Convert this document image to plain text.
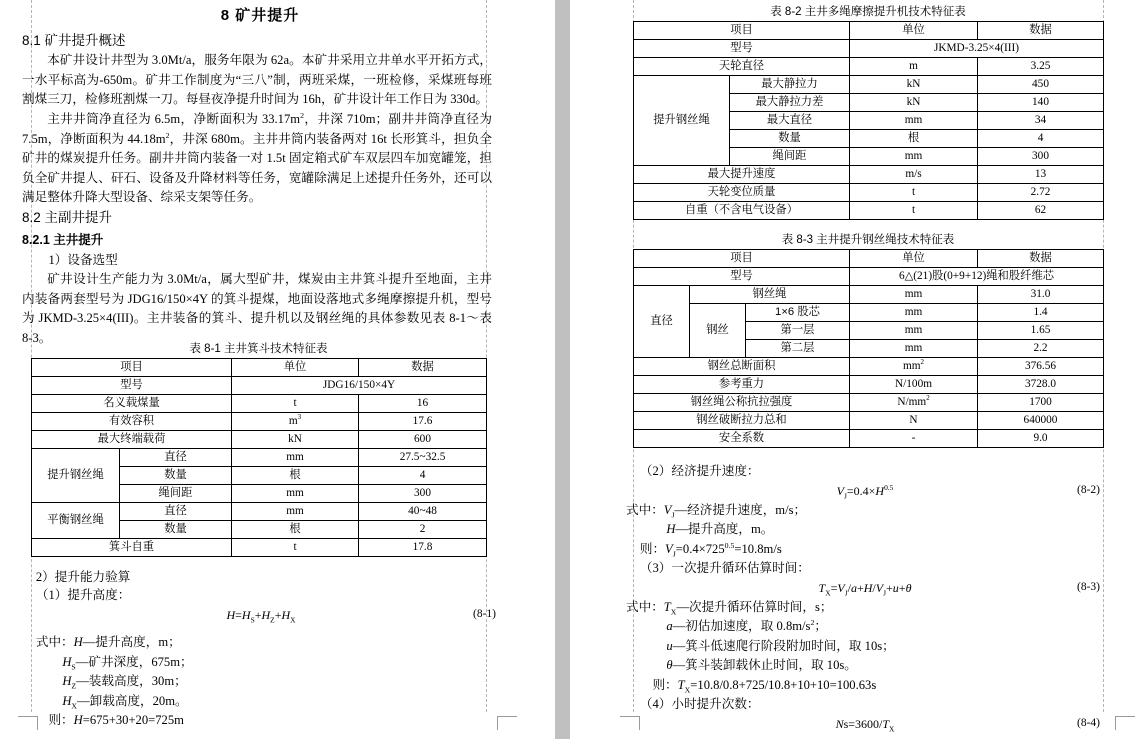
8 矿井提升
8.1 矿井提升概述

本矿井设计井型为 3.0Mt/a，服务年限为 62a。本矿井采用立井单水平开拓方式，一水平标高为-650m。矿井工作制度为“三八”制，两班采煤，一班检修，采煤班每班割煤三刀，检修班割煤一刀。每昼夜净提升时间为 16h，矿井设计年工作日为 330d。

主井井筒净直径为 6.5m，净断面积为 $33.17m^2$，井深 710m；副井井筒净直径为 7.5m，净断面积为 $44.18m^2$，井深 680m。主井井筒内装备两对 16t 长形箕斗，担负全矿井的煤炭提升任务。副井井筒内装备一对 1.5t 固定箱式矿车双层四车加宽罐笼，担负全矿井提人、矸石、设备及升降材料等任务，宽罐除满足上述提升任务外，还可以满足整体升降大型设备、综采支架等任务。

8.2 主副井提升
8.2.1 主井提升

1）设备选型

矿井设计生产能力为 3.0Mt/a，属大型矿井，煤炭由主井箕斗提升至地面，主井内装备两套型号为 JDG16/150×4Y 的箕斗提煤，地面设落地式多绳摩擦提升机，型号为 JKMD-3.25×4(III)。主井装备的箕斗、提升机以及钢丝绳的具体参数见表 8-1～表 8-3。

表 8-1 主井箕斗技术特征表
项目		单位	数据
型号		JDG16/150×4Y	
名义载煤量		t	16
有效容积		$m^3$	17.6
最大终端载荷		kN	600
提升钢丝绳	直径	mm	27.5~32.5
	数量	根	4
	绳间距	mm	300
平衡钢丝绳	直径	mm	40~48
	数量	根	2
箕斗自重		t	17.8

2）提升能力验算

（1）提升高度：

$H=H_S+H_Z+H_X$	(8-1)

式中：H—提升高度，m；

$H_S—$矿井深度，675m；

$H_Z—$装载高度，30m；

$H_X—$卸载高度，20m。

则：H=675+30+20=725m

表 8-2 主井多绳摩擦提升机技术特征表
项目		单位	数据
型号		JKMD-3.25×4(III)	
天轮直径		m	3.25
提升钢丝绳	最大静拉力	kN	450
	最大静拉力差	kN	140
	最大直径	mm	34
	数量	根	4
	绳间距	mm	300
最大提升速度		m/s	13
天轮变位质量		t	2.72
自重（不含电气设备）		t	62
表 8-3 主井提升钢丝绳技术特征表
项目			单位	数据
型号			6△(21)股(0+9+12)绳和股纤维芯	
直径	钢丝绳		mm	31.0
	钢丝	1×6 股芯	mm	1.4
		第一层	mm	1.65
		第二层	mm	2.2
钢丝总断面积			$mm^2$	376.56
参考重力			N/100m	3728.0
钢丝绳公称抗拉强度			$N/mm^2$	1700
钢丝破断拉力总和			N	640000
安全系数			-	9.0

（2）经济提升速度：

$V_J=0.4\times H^{0.5}$	(8-2)

式中：$V_J—$经济提升速度，m/s；

H—提升高度，m。

则：$V_J=0.4\times 725^{0.5}=10.8m/s$

（3）一次提升循环估算时间：

$T_X=V_J/a+H/V_J+u+\theta$	(8-3)

式中：$T_X—$次提升循环估算时间，s；

a—初估加速度，取 $0.8m/s^2$；

u—箕斗低速爬行阶段附加时间，取 10s；

θ—箕斗装卸载休止时间，取 10s。

则：$T_X=10.8/0.8+725/10.8+10+10=100.63s$

（4）小时提升次数：

$Ns=3600/T_X$	(8-4)
